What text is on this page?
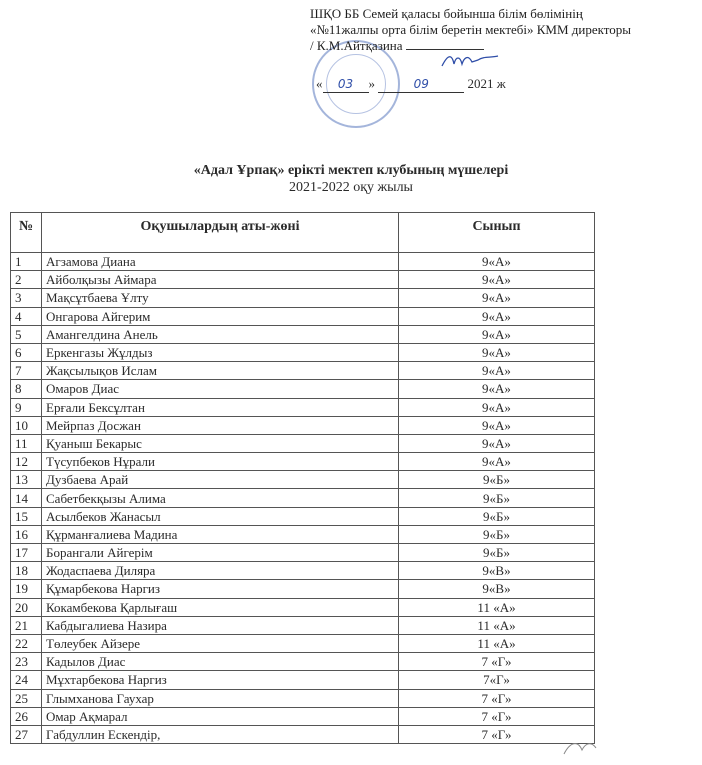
ШҚО ББ Семей қаласы бойынша білім бөлімінің
«№11жалпы орта білім беретін мектебі» КММ директоры
/ К.М.Айтқазина
« 03 »	09	2021 ж
«Адал Ұрпақ» ерікті мектеп клубының мүшелері
2021-2022 оқу жылы
№	Оқушылардың аты-жөні	Сынып
1	Агзамова Диана	9«А»
2	Айболқызы Аймара	9«А»
3	Мақсұтбаева Ұлту	9«А»
4	Онгарова Айгерим	9«А»
5	Амангелдина Анель	9«А»
6	Еркенгазы Жұлдыз	9«А»
7	Жақсылықов Ислам	9«А»
8	Омаров Диас	9«А»
9	Ерғали Бексұлтан	9«А»
10	Мейрпаз Досжан	9«А»
11	Қуаныш Бекарыс	9«А»
12	Түсупбеков Нұрали	9«А»
13	Дузбаева Арай	9«Б»
14	Сабетбекқызы Алима	9«Б»
15	Асылбеков Жанасыл	9«Б»
16	Құрманғалиева Мадина	9«Б»
17	Борангали Айгерім	9«Б»
18	Жодаспаева Диляра	9«В»
19	Құмарбекова Наргиз	9«В»
20	Кокамбекова Қарлығаш	11 «А»
21	Кабдыгалиева Назира	11 «А»
22	Төлеубек Айзере	11 «А»
23	Кадылов Диас	7 «Г»
24	Мұхтарбекова Наргиз	7«Г»
25	Глымханова Гаухар	7 «Г»
26	Омар Ақмарал	7 «Г»
27	Габдуллин Ескендір,	7 «Г»
